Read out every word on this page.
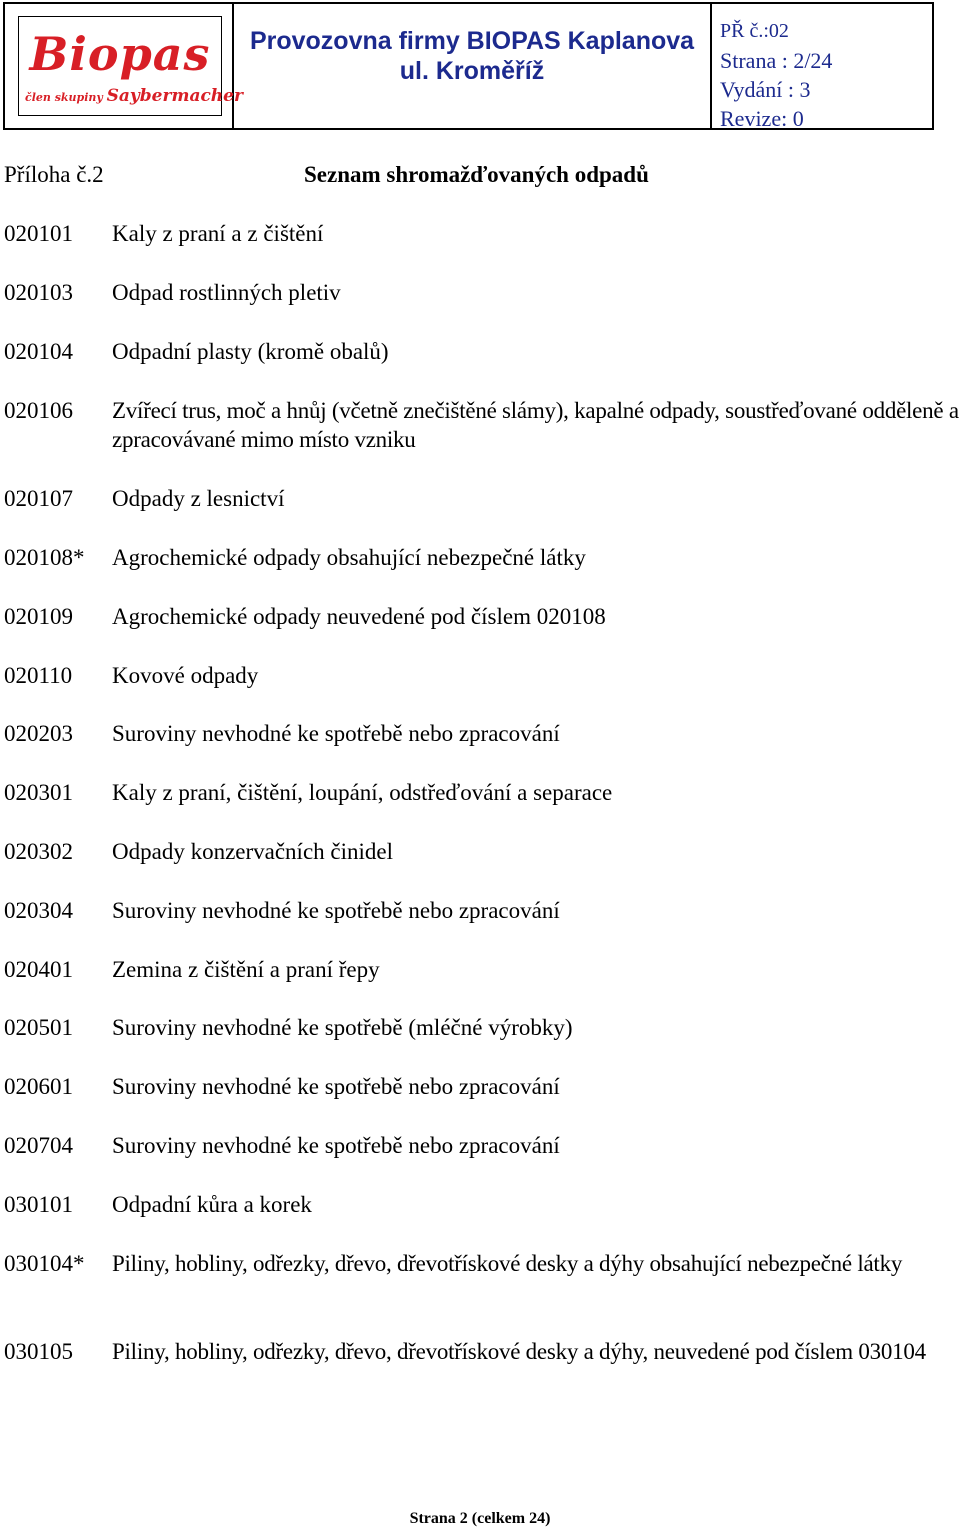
Biopas
člen skupiny Saybermacher
Provozovna firmy BIOPAS Kaplanova
ul. Kroměříž
PŘ č.:02
Strana : 2/24
Vydání : 3
Revize: 0
Příloha č.2	Seznam shromažďovaných odpadů
020101 Kaly z praní a z čištění
020103 Odpad rostlinných pletiv
020104 Odpadní plasty (kromě obalů)
020106 Zvířecí trus, moč a hnůj (včetně znečištěné slámy), kapalné odpady, soustřeďované odděleně a zpracovávané mimo místo vzniku
020107 Odpady z lesnictví
020108* Agrochemické odpady obsahující nebezpečné látky
020109 Agrochemické odpady neuvedené pod číslem 020108
020110 Kovové odpady
020203 Suroviny nevhodné ke spotřebě nebo zpracování
020301 Kaly z praní, čištění, loupání, odstřeďování a separace
020302 Odpady konzervačních činidel
020304 Suroviny nevhodné ke spotřebě nebo zpracování
020401 Zemina z čištění a praní řepy
020501 Suroviny nevhodné ke spotřebě (mléčné výrobky)
020601 Suroviny nevhodné ke spotřebě nebo zpracování
020704 Suroviny nevhodné ke spotřebě nebo zpracování
030101 Odpadní kůra a korek
030104* Piliny, hobliny, odřezky, dřevo, dřevotřískové desky a dýhy obsahující nebezpečné látky
030105 Piliny, hobliny, odřezky, dřevo, dřevotřískové desky a dýhy, neuvedené pod číslem 030104
Strana 2 (celkem 24)
